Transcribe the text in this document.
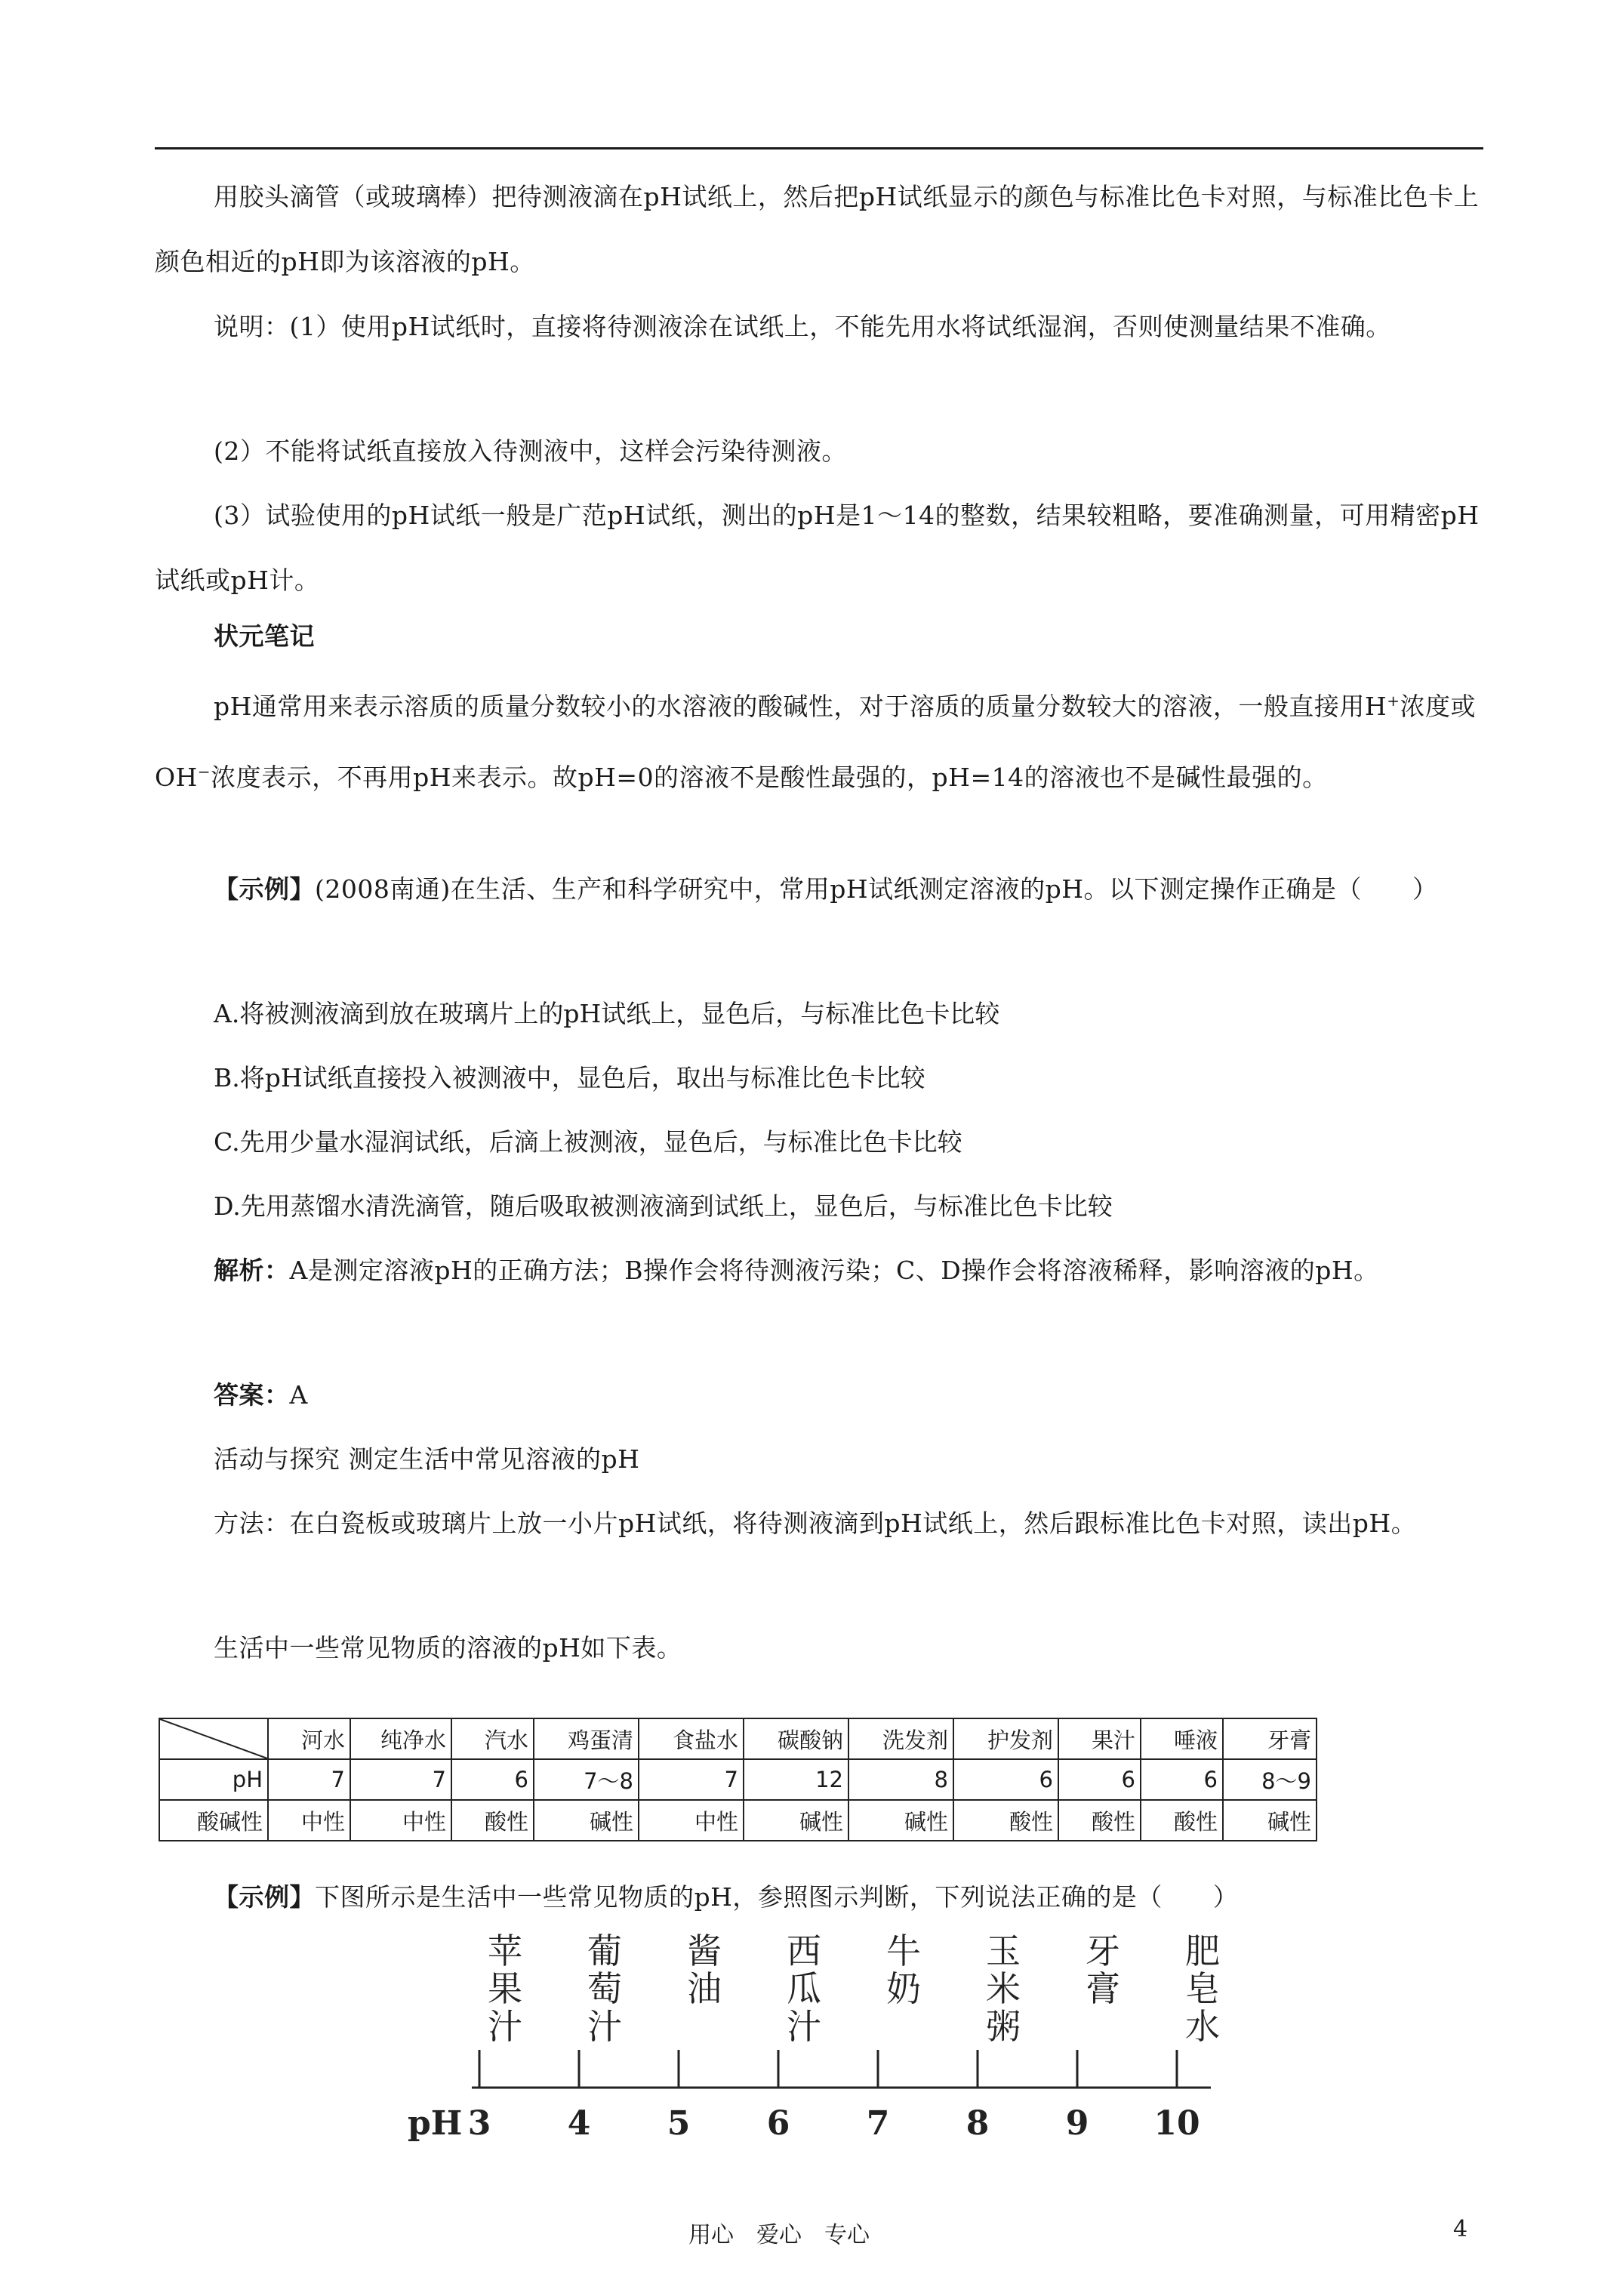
用胶头滴管（或玻璃棒）把待测液滴在pH试纸上，然后把pH试纸显示的颜色与标准比色卡对照，与标准比色卡上颜色相近的pH即为该溶液的pH。

说明：(1）使用pH试纸时，直接将待测液涂在试纸上，不能先用水将试纸湿润，否则使测量结果不准确。

(2）不能将试纸直接放入待测液中，这样会污染待测液。

(3）试验使用的pH试纸一般是广范pH试纸，测出的pH是1～14的整数，结果较粗略，要准确测量，可用精密pH试纸或pH计。

状元笔记

pH通常用来表示溶质的质量分数较小的水溶液的酸碱性，对于溶质的质量分数较大的溶液，一般直接用H+浓度或OH−浓度表示，不再用pH来表示。故pH=0的溶液不是酸性最强的，pH=14的溶液也不是碱性最强的。

【示例】(2008南通)在生活、生产和科学研究中，常用pH试纸测定溶液的pH。以下测定操作正确是（　　）

A.将被测液滴到放在玻璃片上的pH试纸上，显色后，与标准比色卡比较

B.将pH试纸直接投入被测液中，显色后，取出与标准比色卡比较

C.先用少量水湿润试纸，后滴上被测液，显色后，与标准比色卡比较

D.先用蒸馏水清洗滴管，随后吸取被测液滴到试纸上，显色后，与标准比色卡比较

解析：A是测定溶液pH的正确方法；B操作会将待测液污染；C、D操作会将溶液稀释，影响溶液的pH。

答案：A

活动与探究 测定生活中常见溶液的pH

方法：在白瓷板或玻璃片上放一小片pH试纸，将待测液滴到pH试纸上，然后跟标准比色卡对照，读出pH。

生活中一些常见物质的溶液的pH如下表。

	河水	纯净水	汽水	鸡蛋清	食盐水	碳酸钠	洗发剂	护发剂	果汁	唾液	牙膏
pH	7	7	6	7～8	7	12	8	6	6	6	8～9
酸碱性	中性	中性	酸性	碱性	中性	碱性	碱性	酸性	酸性	酸性	碱性

【示例】下图所示是生活中一些常见物质的pH，参照图示判断，下列说法正确的是（　　）

pH 3 4 5 6 7 8 9 10
苹
果
汁
葡
萄
汁
酱
油
西
瓜
汁
牛
奶
玉
米
粥
牙
膏
肥
皂
水
用心　爱心　专心	4
